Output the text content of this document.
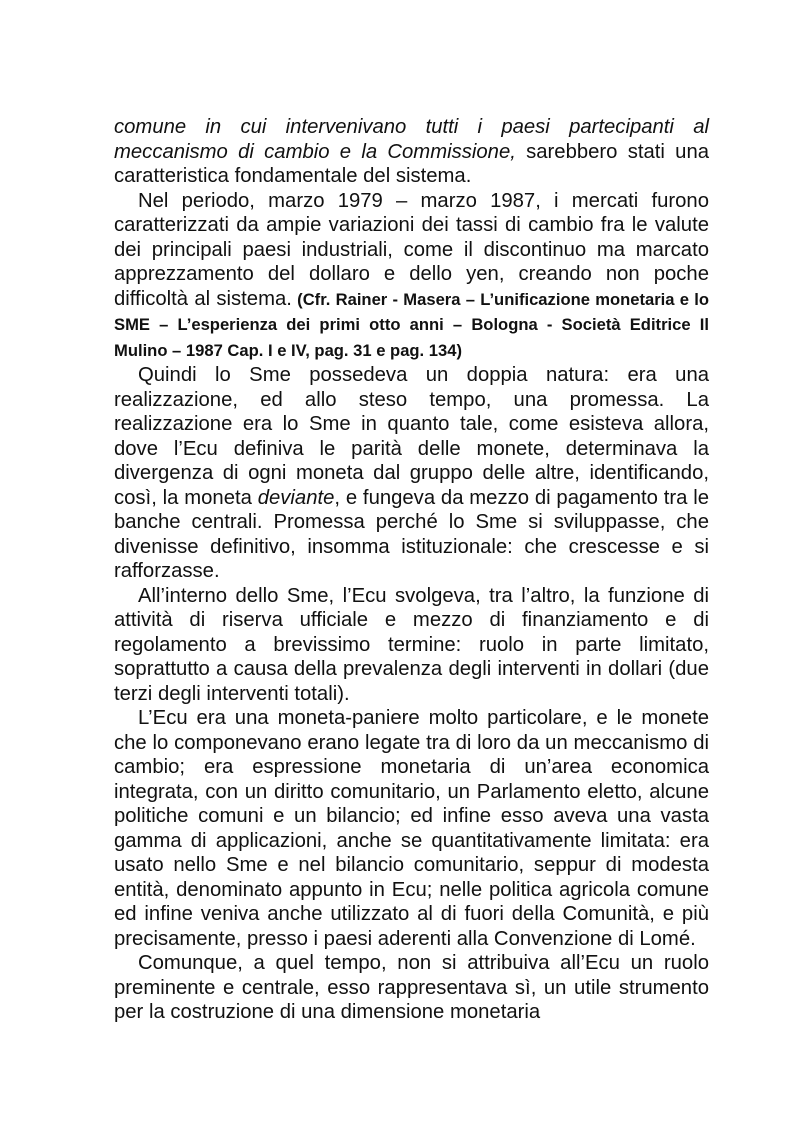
comune in cui intervenivano tutti i paesi partecipanti al meccanismo di cambio e la Commissione, sarebbero stati una caratteristica fondamentale del sistema.

Nel periodo, marzo 1979 – marzo 1987, i mercati furono caratterizzati da ampie variazioni dei tassi di cambio fra le valute dei principali paesi industriali, come il discontinuo ma marcato apprezzamento del dollaro e dello yen, creando non poche difficoltà al sistema. (Cfr. Rainer - Masera – L’unificazione monetaria e lo SME – L’esperienza dei primi otto anni – Bologna - Società Editrice Il Mulino – 1987 Cap. I e IV, pag. 31 e pag. 134)

Quindi lo Sme possedeva un doppia natura: era una realizzazione, ed allo steso tempo, una promessa. La realizzazione era lo Sme in quanto tale, come esisteva allora, dove l’Ecu definiva le parità delle monete, determinava la divergenza di ogni moneta dal gruppo delle altre, identificando, così, la moneta deviante, e fungeva da mezzo di pagamento tra le banche centrali. Promessa perché lo Sme si sviluppasse, che divenisse definitivo, insomma istituzionale: che crescesse e si rafforzasse.

All’interno dello Sme, l’Ecu svolgeva, tra l’altro, la funzione di attività di riserva ufficiale e mezzo di finanziamento e di regolamento a brevissimo termine: ruolo in parte limitato, soprattutto a causa della prevalenza degli interventi in dollari (due terzi degli interventi totali).

L’Ecu era una moneta-paniere molto particolare, e le monete che lo componevano erano legate tra di loro da un meccanismo di cambio; era espressione monetaria di un’area economica integrata, con un diritto comunitario, un Parlamento eletto, alcune politiche comuni e un bilancio; ed infine esso aveva una vasta gamma di applicazioni, anche se quantitativamente limitata: era usato nello Sme e nel bilancio comunitario, seppur di modesta entità, denominato appunto in Ecu; nelle politica agricola comune ed infine veniva anche utilizzato al di fuori della Comunità, e più precisamente, presso i paesi aderenti alla Convenzione di Lomé.

Comunque, a quel tempo, non si attribuiva all’Ecu un ruolo preminente e centrale, esso rappresentava sì, un utile strumento per la costruzione di una dimensione monetaria
